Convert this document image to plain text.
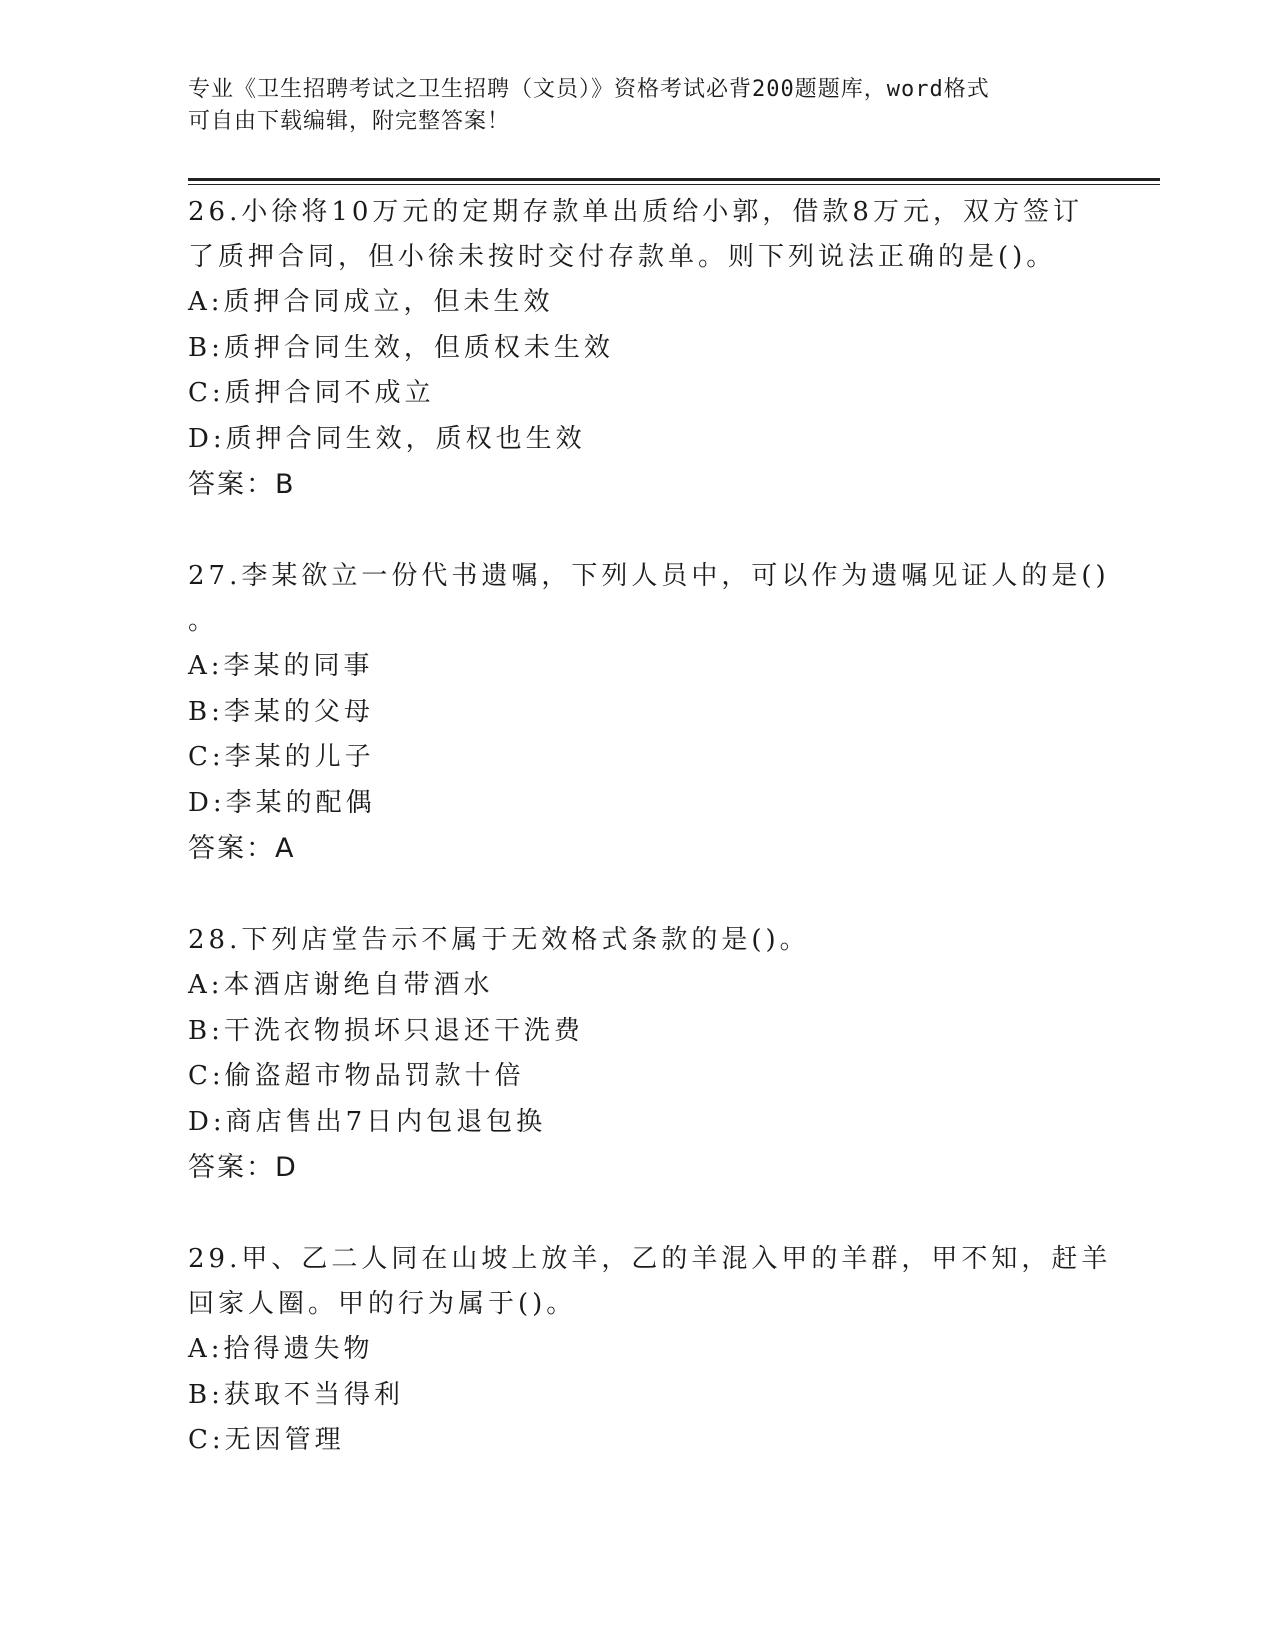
专业《卫生招聘考试之卫生招聘（文员）》资格考试必背200题题库，word格式
可自由下载编辑，附完整答案！
26.小徐将10万元的定期存款单出质给小郭，借款8万元，双方签订
了质押合同，但小徐未按时交付存款单。则下列说法正确的是()。
A:质押合同成立，但未生效
B:质押合同生效，但质权未生效
C:质押合同不成立
D:质押合同生效，质权也生效
答案：B
27.李某欲立一份代书遗嘱，下列人员中，可以作为遗嘱见证人的是()
。
A:李某的同事
B:李某的父母
C:李某的儿子
D:李某的配偶
答案：A
28.下列店堂告示不属于无效格式条款的是()。
A:本酒店谢绝自带酒水
B:干洗衣物损坏只退还干洗费
C:偷盗超市物品罚款十倍
D:商店售出7日内包退包换
答案：D
29.甲、乙二人同在山坡上放羊，乙的羊混入甲的羊群，甲不知，赶羊
回家人圈。甲的行为属于()。
A:拾得遗失物
B:获取不当得利
C:无因管理
